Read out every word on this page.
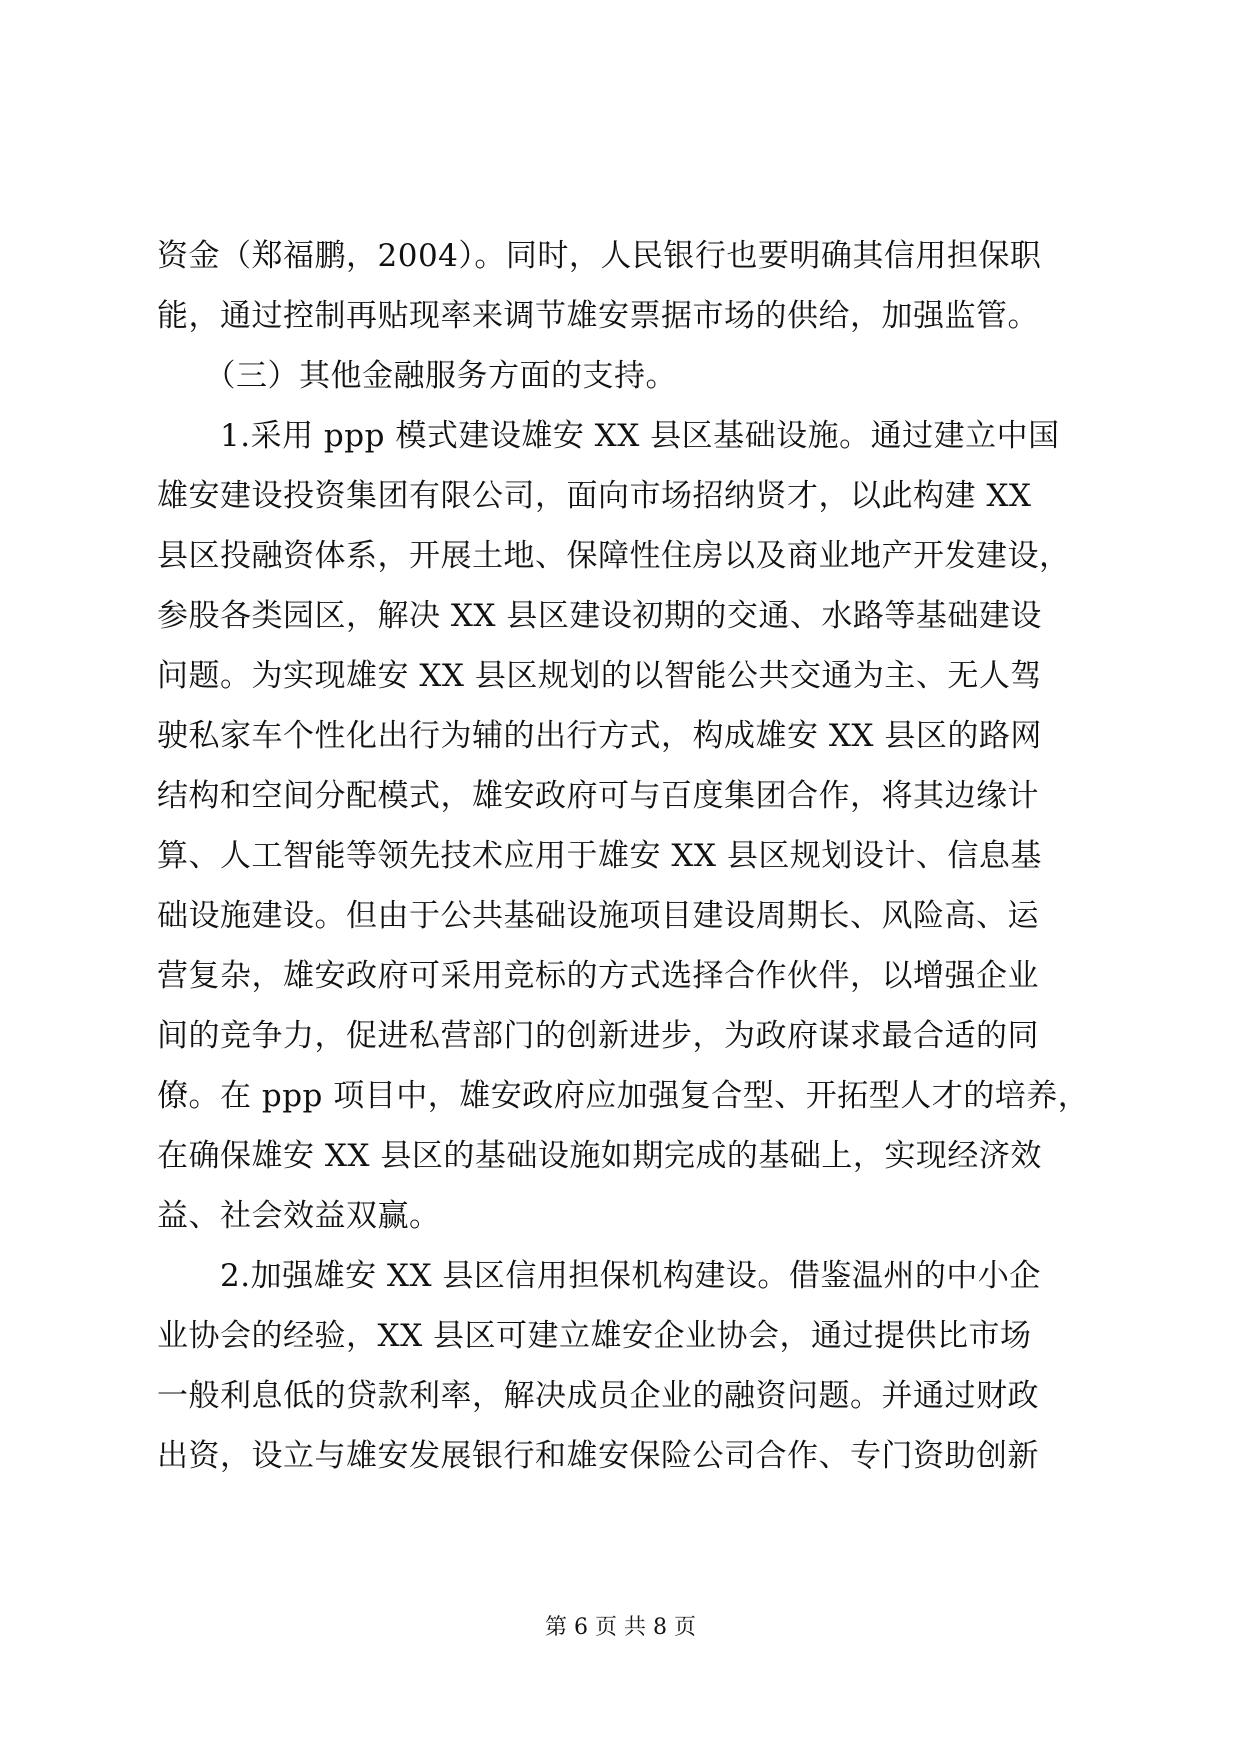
资金（郑福鹏，2004）。同时，人民银行也要明确其信用担保职
能，通过控制再贴现率来调节雄安票据市场的供给，加强监管。
　　（三）其他金融服务方面的支持。
　　1.采用 ppp 模式建设雄安 XX 县区基础设施。通过建立中国
雄安建设投资集团有限公司，面向市场招纳贤才，以此构建 XX
县区投融资体系，开展土地、保障性住房以及商业地产开发建设，
参股各类园区，解决 XX 县区建设初期的交通、水路等基础建设
问题。为实现雄安 XX 县区规划的以智能公共交通为主、无人驾
驶私家车个性化出行为辅的出行方式，构成雄安 XX 县区的路网
结构和空间分配模式，雄安政府可与百度集团合作，将其边缘计
算、人工智能等领先技术应用于雄安 XX 县区规划设计、信息基
础设施建设。但由于公共基础设施项目建设周期长、风险高、运
营复杂，雄安政府可采用竞标的方式选择合作伙伴，以增强企业
间的竞争力，促进私营部门的创新进步，为政府谋求最合适的同
僚。在 ppp 项目中，雄安政府应加强复合型、开拓型人才的培养，
在确保雄安 XX 县区的基础设施如期完成的基础上，实现经济效
益、社会效益双赢。
　　2.加强雄安 XX 县区信用担保机构建设。借鉴温州的中小企
业协会的经验，XX 县区可建立雄安企业协会，通过提供比市场
一般利息低的贷款利率，解决成员企业的融资问题。并通过财政
出资，设立与雄安发展银行和雄安保险公司合作、专门资助创新
第 6 页 共 8 页
